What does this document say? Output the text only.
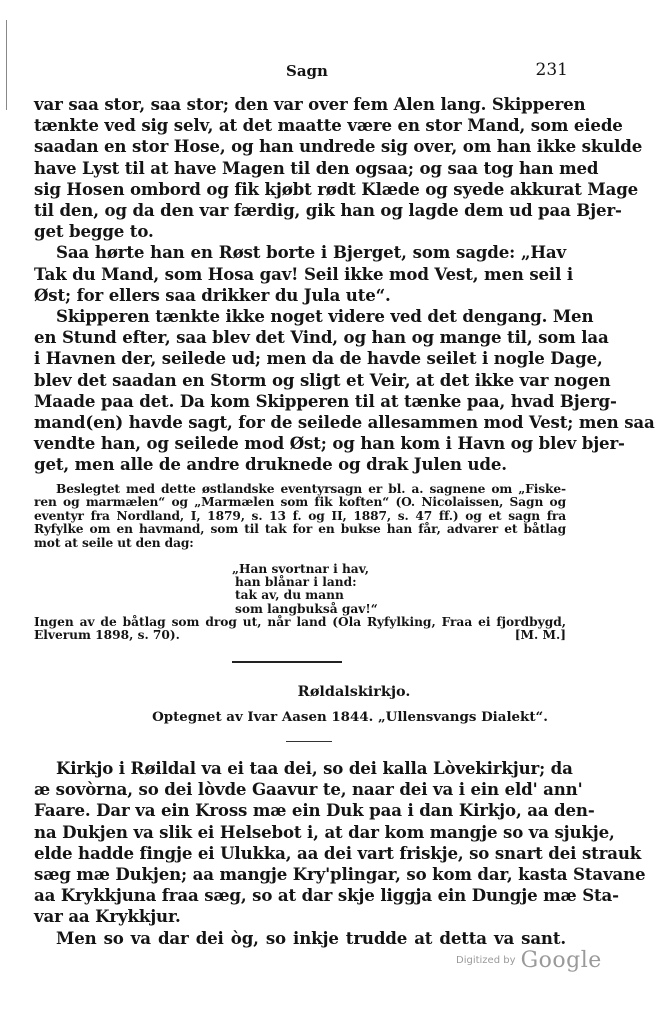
Sagn	231
var saa stor, saa stor; den var over fem Alen lang. Skipperen
tænkte ved sig selv, at det maatte være en stor Mand, som eiede
saadan en stor Hose, og han undrede sig over, om han ikke skulde
have Lyst til at have Magen til den ogsaa; og saa tog han med
sig Hosen ombord og fik kjøbt rødt Klæde og syede akkurat Mage
til den, og da den var færdig, gik han og lagde dem ud paa Bjer-
get begge to.
Saa hørte han en Røst borte i Bjerget, som sagde: „Hav
Tak du Mand, som Hosa gav! Seil ikke mod Vest, men seil i
Øst; for ellers saa drikker du Jula ute“.
Skipperen tænkte ikke noget videre ved det dengang. Men
en Stund efter, saa blev det Vind, og han og mange til, som laa
i Havnen der, seilede ud; men da de havde seilet i nogle Dage,
blev det saadan en Storm og sligt et Veir, at det ikke var nogen
Maade paa det. Da kom Skipperen til at tænke paa, hvad Bjerg-
mand(en) havde sagt, for de seilede allesammen mod Vest; men saa
vendte han, og seilede mod Øst; og han kom i Havn og blev bjer-
get, men alle de andre druknede og drak Julen ude.
Beslegtet med dette østlandske eventyrsagn er bl. a. sagnene om „Fiske-
ren og marmælen“ og „Marmælen som fik koften“ (O. Nicolaissen, Sagn og
eventyr fra Nordland, I, 1879, s. 13 f. og II, 1887, s. 47 ff.) og et sagn fra
Ryfylke om en havmand, som til tak for en bukse han får, advarer et båtlag
mot at seile ut den dag:
„Han svortnar i hav,
han blånar i land:
tak av, du mann
som langbukså gav!“
Ingen av de båtlag som drog ut, når land (Ola Ryfylking, Fraa ei fjordbygd,
Elverum 1898, s. 70).	[M. M.]
Røldalskirkjo.
Optegnet av Ivar Aasen 1844. „Ullensvangs Dialekt“.
Kirkjo i Røildal va ei taa dei, so dei kalla Lòvekirkjur; da
æ sovòrna, so dei lòvde Gaavur te, naar dei va i ein eld' ann'
Faare. Dar va ein Kross mæ ein Duk paa i dan Kirkjo, aa den-
na Dukjen va slik ei Helsebot i, at dar kom mangje so va sjukje,
elde hadde fingje ei Ulukka, aa dei vart friskje, so snart dei strauk
sæg mæ Dukjen; aa mangje Kry'plingar, so kom dar, kasta Stavane
aa Krykkjuna fraa sæg, so at dar skje liggja ein Dungje mæ Sta-
var aa Krykkjur.
Men so va dar dei òg, so inkje trudde at detta va sant.
Digitized by Google
